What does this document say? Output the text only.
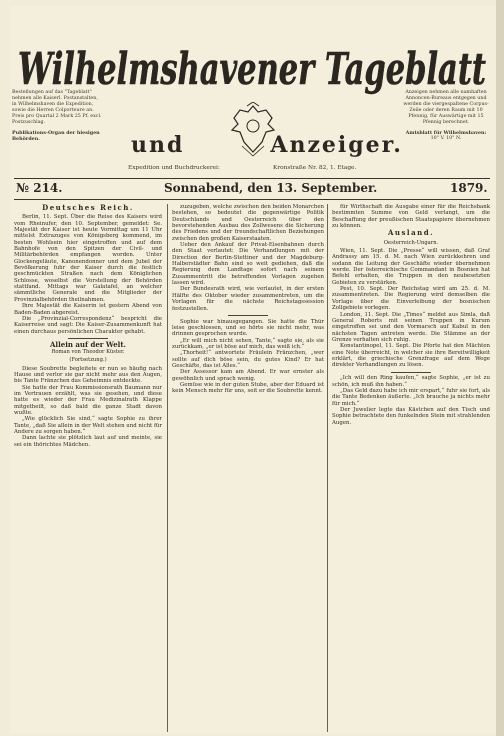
Wilhelmshavener Tageblatt
Bestellungen auf das "Tageblatt" nehmen alle Kaiserl. Postanstalten, in Wilhelmshaven die Expedition, sowie die Herren Colporteure an. Preis pro Quartal 2 Mark 25 Pf. excl. Postzuschlag.
Publikations-Organ der hiesigen Behörden.	und	Anzeiger.
Anzeigen nehmen alle namhaften Annoncen-Bureaus entgegen und werden die viergespaltene Corpus-Zeile oder deren Raum mit 10 Pfennig, für Auswärtige mit 15 Pfennig berechnet.
Amtsblatt für Wilhelmshaven:
10" V. 10" N.
Expedition und Buchdruckerei:	Kronstraße Nr. 82, 1. Etage.
№ 214.	Sonnabend, den 13. September.	1879.
Deutsches Reich.

Berlin, 11. Sept. Über die Reise des Kaisers wird vom Rheinufer, den 10. September, gemeldet: Se. Majestät der Kaiser ist heute Vormittag um 11 Uhr mittelst Extrazuges von Königsberg kommend, im besten Wohlsein hier eingetroffen und auf dem Bahnhofe von den Spitzen der Civil- und Militärbehörden empfangen worden. Unter Glockengeläute, Kanonendonner und dem Jubel der Bevölkerung fuhr der Kaiser durch die festlich geschmückten Straßen nach dem Königlichen Schlosse, woselbst die Vorstellung der Behörden stattfand. Mittags war Galatafel, an welcher sämmtliche Generale und die Mitglieder der Provinzialbehörden theilnahmen.

Ihre Majestät die Kaiserin ist gestern Abend von Baden-Baden abgereist.

Die „Provinzial-Correspondenz“ bespricht die Kaiserreise und sagt: Die Kaiser-Zusammenkunft hat einen durchaus persönlichen Charakter gehabt.

Allein auf der Welt.
Roman von Theodor Küster.
(Fortsetzung.)

Diese Soubrette begleitete er nun so häufig nach Hause und verlor sie gar nicht mehr aus den Augen, bis Tante Fränzchen das Geheimnis entdeckte.

Sie hatte der Frau Kommissionsrath Baumann nur im Vertrauen erzählt, was sie gesehen, und diese hatte es wieder der Frau Medizinalrath Klappe mitgetheilt, so daß bald die ganze Stadt davon wußte.

„Wie glücklich Sie sind,“ sagte Sophie zu ihrer Tante, „daß Sie allein in der Welt stehen und nicht für Andere zu sorgen haben.“

Dann lachte sie plötzlich laut auf und meinte, sie sei ein thörichtes Mädchen.

zuzugeben, welche zwischen den beiden Monarchen bestehen, so bedeutet die gegenwärtige Politik Deutschlands und Oesterreich über den bevorstehenden Ausbau des Zollwesens die Sicherung des Friedens und der freundschaftlichen Beziehungen zwischen den großen Kaiserstaaten.

Ueber den Ankauf der Privat-Eisenbahnen durch den Staat verlautet: Die Verhandlungen mit der Direction der Berlin-Stettiner und der Magdeburg-Halberstädter Bahn sind so weit gediehen, daß die Regierung dem Landtage sofort nach seinem Zusammentritt die betreffenden Vorlagen zugehen lassen wird.

Der Bundesrath wird, wie verlautet, in der ersten Hälfte des Oktober wieder zusammentreten, um die Vorlagen für die nächste Reichstagssession festzustellen.

Sophie war hinausgegangen. Sie hatte die Thür leise geschlossen, und so hörte sie nicht mehr, was drinnen gesprochen wurde.

„Er will mich nicht sehen, Tante,“ sagte sie, als sie zurückkam, „er ist böse auf mich, das weiß ich.“

„Thorheit!“ antwortete Fräulein Fränzchen, „wer sollte auf dich böse sein, du gutes Kind? Er hat Geschäfte, das ist Alles.“

Der Assessor kam am Abend. Er war ernster als gewöhnlich und sprach wenig.

Gemüse wie in der guten Stube, aber der Eduard ist kein Mensch mehr für uns, seit er die Soubrette kennt.

für Wirthschaft die Ausgabe einer für die Reichsbank bestimmten Summe von Geld verlangt, um die Beschaffung der preußischen Staatspapiere übernehmen zu können.

Ausland.
Oesterreich-Ungarn.

Wien, 11. Sept. Die „Presse“ will wissen, daß Graf Andrassy am 15. d. M. nach Wien zurückkehren und sodann die Leitung der Geschäfte wieder übernehmen werde. Der österreichische Commandant in Bosnien hat Befehl erhalten, die Truppen in den neubesetzten Gebieten zu verstärken.

Pest, 10. Sept. Der Reichstag wird am 25. d. M. zusammentreten. Die Regierung wird demselben die Vorlage über die Einverleibung der bosnischen Zollgebiete vorlegen.

London, 11. Sept. Die „Times“ meldet aus Simla, daß General Roberts mit seinen Truppen in Kurum eingetroffen sei und den Vormarsch auf Kabul in den nächsten Tagen antreten werde. Die Stämme an der Grenze verhalten sich ruhig.

Konstantinopel, 11. Sept. Die Pforte hat den Mächten eine Note überreicht, in welcher sie ihre Bereitwilligkeit erklärt, die griechische Grenzfrage auf dem Wege direkter Verhandlungen zu lösen.

„Ich will den Ring kaufen,“ sagte Sophie, „er ist zu schön, ich muß ihn haben.“

„Das Geld dazu habe ich mir erspart,“ fuhr sie fort, als die Tante Bedenken äußerte. „Ich brauche ja nichts mehr für mich.“

Der Juwelier legte das Kästchen auf den Tisch und Sophie betrachtete den funkelnden Stein mit strahlenden Augen.
